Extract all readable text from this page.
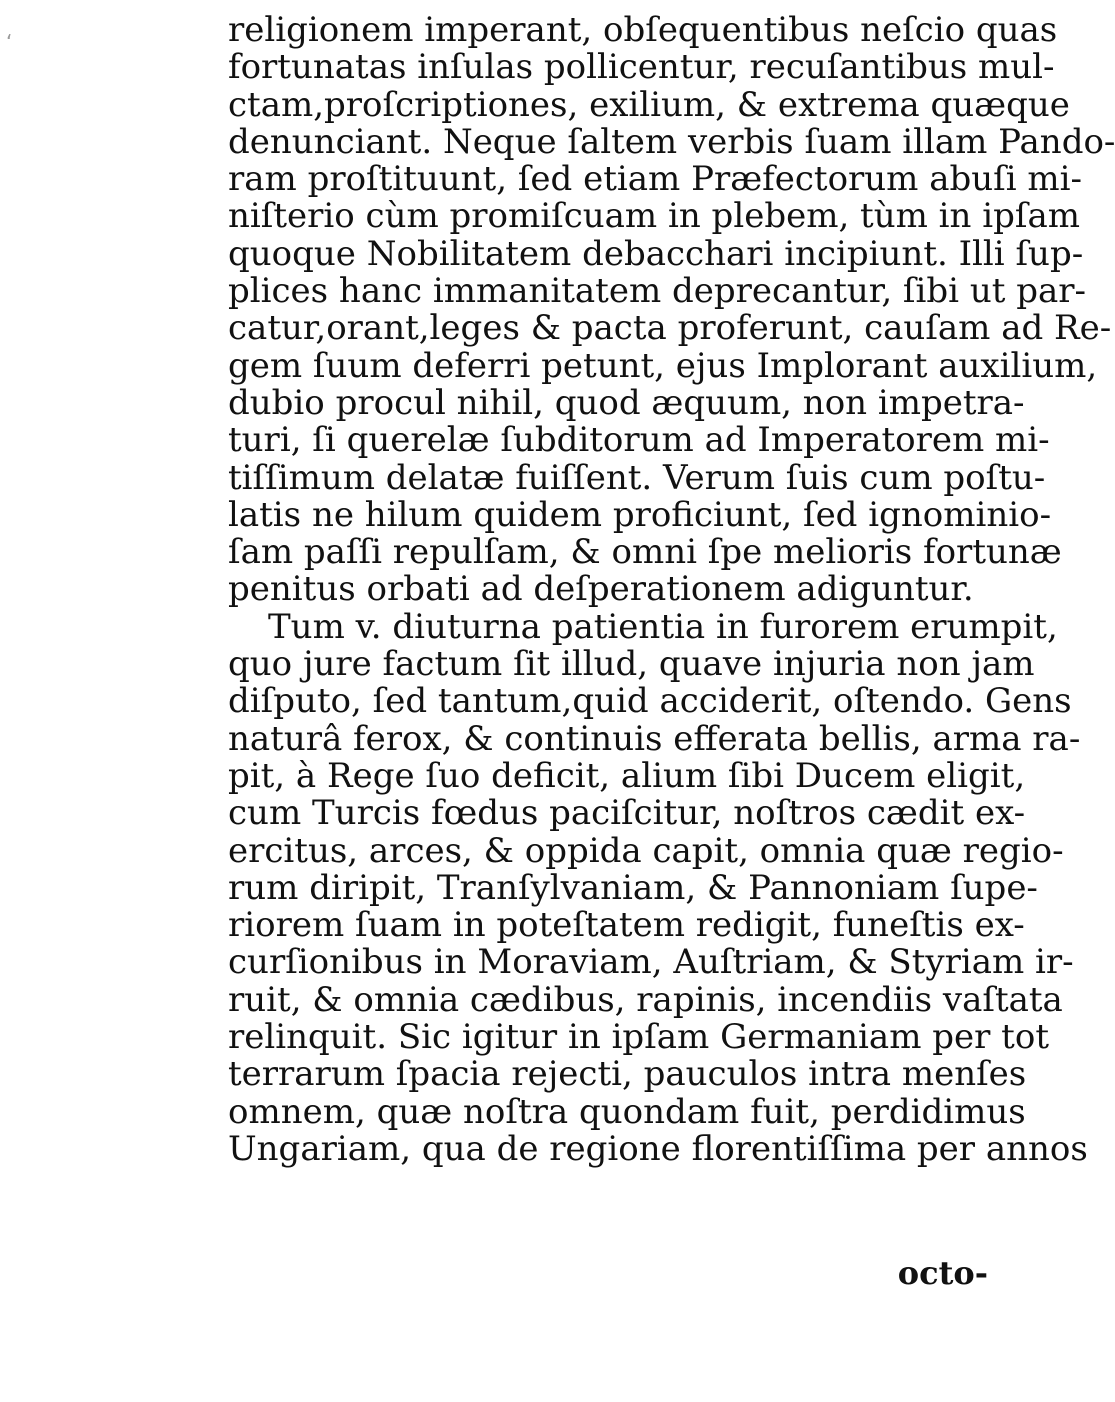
‘	religionem imperant, obſequentibus neſcio quas
fortunatas inſulas pollicentur, recuſantibus mul-
ctam,proſcriptiones, exilium, & extrema quæque
denunciant. Neque ſaltem verbis ſuam illam Pando-
ram proſtituunt, ſed etiam Præfectorum abuſi mi-
niſterio cùm promiſcuam in plebem, tùm in ipſam
quoque Nobilitatem debacchari incipiunt. Illi ſup-
plices hanc immanitatem deprecantur, ſibi ut par-
catur,orant,leges & pacta proferunt, cauſam ad Re-
gem ſuum deferri petunt, ejus Implorant auxilium,
dubio procul nihil, quod æquum, non impetra-
turi, ſi querelæ ſubditorum ad Imperatorem mi-
tiſſimum delatæ fuiſſent. Verum ſuis cum poſtu-
latis ne hilum quidem proficiunt, ſed ignominio-
ſam paſſi repulſam, & omni ſpe melioris fortunæ
penitus orbati ad deſperationem adiguntur.
Tum v. diuturna patientia in furorem erumpit,
quo jure factum ſit illud, quave injuria non jam
diſputo, ſed tantum,quid acciderit, oſtendo. Gens
naturâ ferox, & continuis efferata bellis, arma ra-
pit, à Rege ſuo deficit, alium ſibi Ducem eligit,
cum Turcis fœdus paciſcitur, noſtros cædit ex-
ercitus, arces, & oppida capit, omnia quæ regio-
rum diripit, Tranſylvaniam, & Pannoniam ſupe-
riorem ſuam in poteſtatem redigit, funeſtis ex-
curſionibus in Moraviam, Auſtriam, & Styriam ir-
ruit, & omnia cædibus, rapinis, incendiis vaſtata
relinquit. Sic igitur in ipſam Germaniam per tot
terrarum ſpacia rejecti, pauculos intra menſes
omnem, quæ noſtra quondam fuit, perdidimus
Ungariam, qua de regione florentiſſima per annos
octo-
